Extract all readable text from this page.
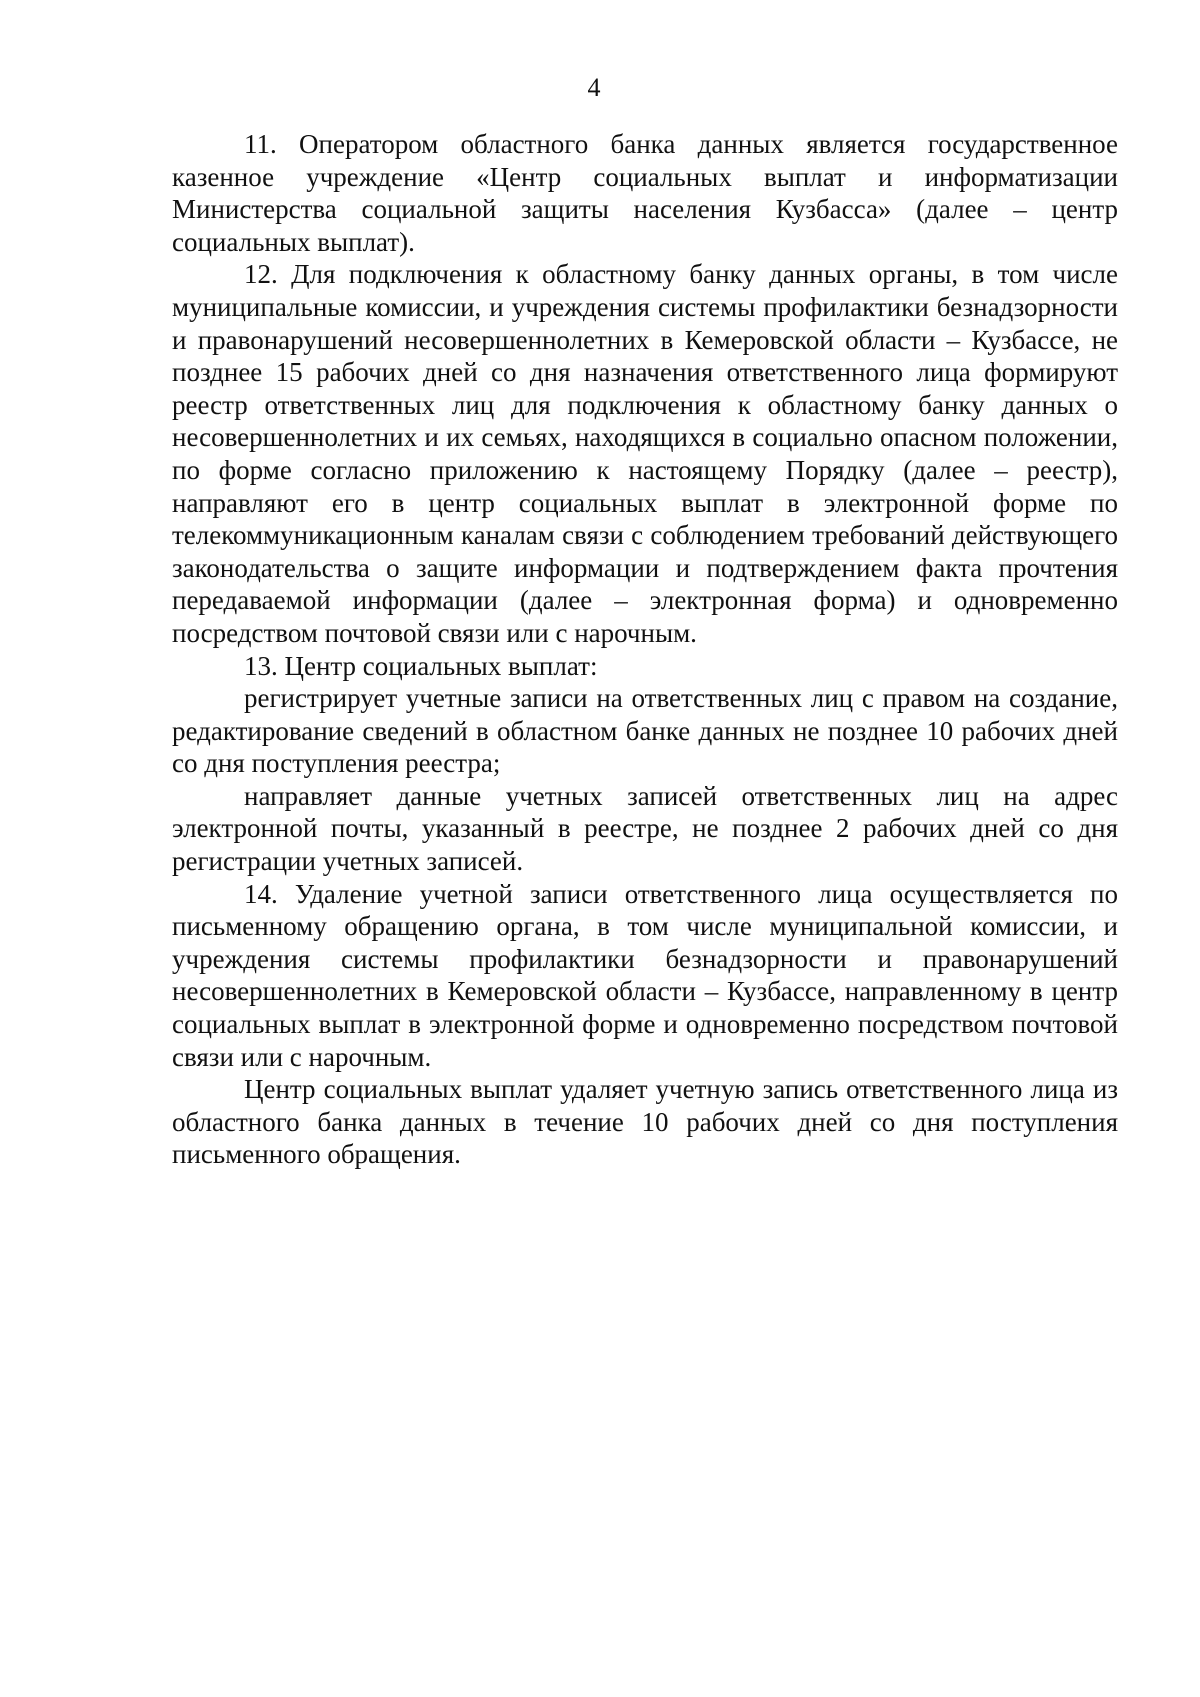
4

11. Оператором областного банка данных является государственное казенное учреждение «Центр социальных выплат и информатизации Министерства социальной защиты населения Кузбасса» (далее – центр социальных выплат).

12. Для подключения к областному банку данных органы, в том числе муниципальные комиссии, и учреждения системы профилактики безнадзорности и правонарушений несовершеннолетних в Кемеровской области – Кузбассе, не позднее 15 рабочих дней со дня назначения ответственного лица формируют реестр ответственных лиц для подключения к областному банку данных о несовершеннолетних и их семьях, находящихся в социально опасном положении, по форме согласно приложению к настоящему Порядку (далее – реестр), направляют его в центр социальных выплат в электронной форме по телекоммуникационным каналам связи с соблюдением требований действующего законодательства о защите информации и подтверждением факта прочтения передаваемой информации (далее – электронная форма) и одновременно посредством почтовой связи или с нарочным.

13. Центр социальных выплат:

регистрирует учетные записи на ответственных лиц с правом на создание, редактирование сведений в областном банке данных не позднее 10 рабочих дней со дня поступления реестра;

направляет данные учетных записей ответственных лиц на адрес электронной почты, указанный в реестре, не позднее 2 рабочих дней со дня регистрации учетных записей.

14. Удаление учетной записи ответственного лица осуществляется по письменному обращению органа, в том числе муниципальной комиссии, и учреждения системы профилактики безнадзорности и правонарушений несовершеннолетних в Кемеровской области – Кузбассе, направленному в центр социальных выплат в электронной форме и одновременно посредством почтовой связи или с нарочным.

Центр социальных выплат удаляет учетную запись ответственного лица из областного банка данных в течение 10 рабочих дней со дня поступления письменного обращения.
